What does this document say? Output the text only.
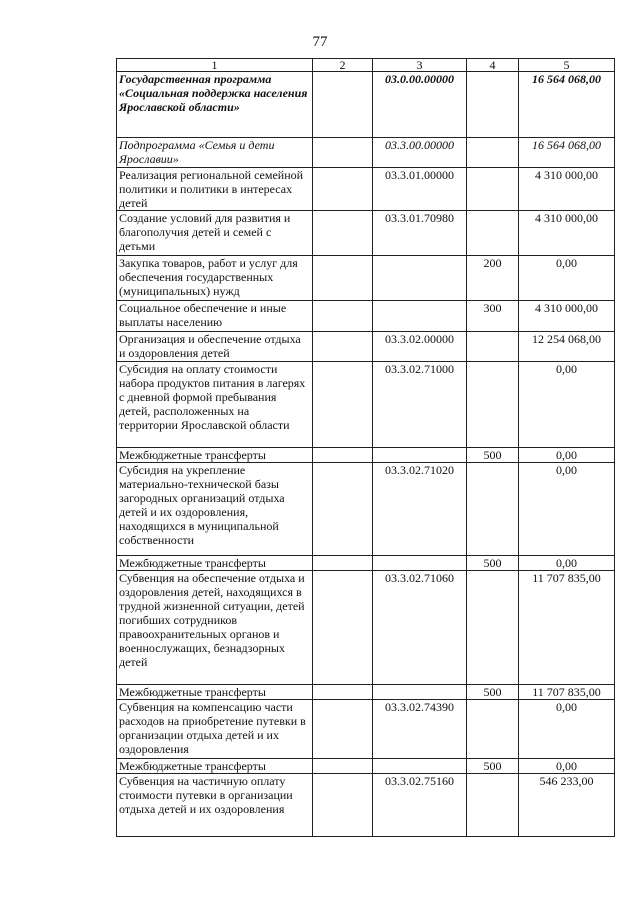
77
1	2	3	4	5
Государственная программа «Социальная поддержка населения Ярославской области»		03.0.00.00000		16 564 068,00
Подпрограмма «Семья и дети Ярославии»		03.3.00.00000		16 564 068,00
Реализация региональной семейной политики и политики в интересах детей		03.3.01.00000		4 310 000,00
Создание условий для развития и благополучия детей и семей с детьми		03.3.01.70980		4 310 000,00
Закупка товаров, работ и услуг для обеспечения государственных (муниципальных) нужд			200	0,00
Социальное обеспечение и иные выплаты населению			300	4 310 000,00
Организация и обеспечение отдыха и оздоровления детей		03.3.02.00000		12 254 068,00
Субсидия на оплату стоимости набора продуктов питания в лагерях с дневной формой пребывания детей, расположенных на территории Ярославской области		03.3.02.71000		0,00
Межбюджетные трансферты			500	0,00
Субсидия на укрепление материально-технической базы загородных организаций отдыха детей и их оздоровления, находящихся в муниципальной собственности		03.3.02.71020		0,00
Межбюджетные трансферты			500	0,00
Субвенция на обеспечение отдыха и оздоровления детей, находящихся в трудной жизненной ситуации, детей погибших сотрудников правоохранительных органов и военнослужащих, безнадзорных детей		03.3.02.71060		11 707 835,00
Межбюджетные трансферты			500	11 707 835,00
Субвенция на компенсацию части расходов на приобретение путевки в организации отдыха детей и их оздоровления		03.3.02.74390		0,00
Межбюджетные трансферты			500	0,00
Субвенция на частичную оплату стоимости путевки в организации отдыха детей и их оздоровления		03.3.02.75160		546 233,00
